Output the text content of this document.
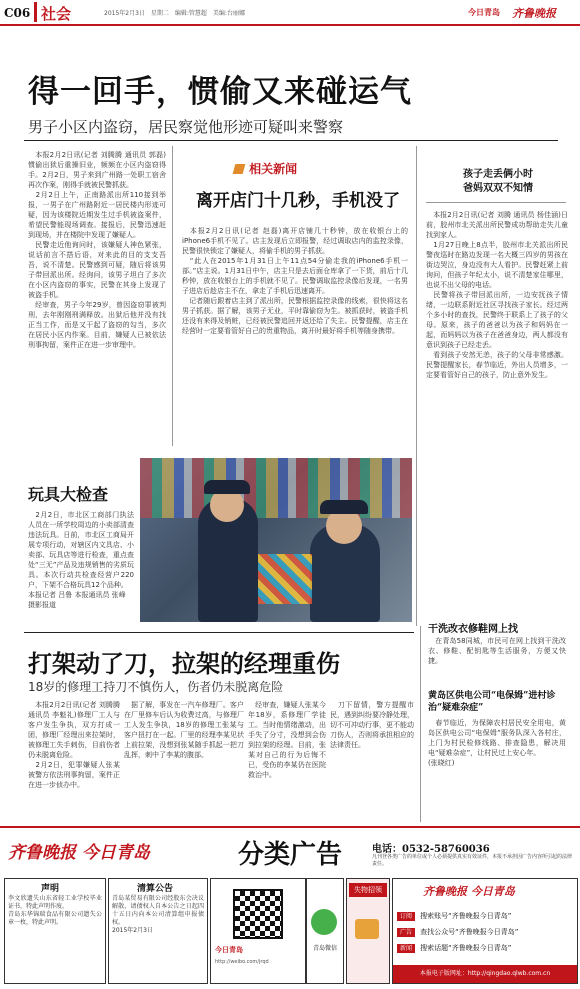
C06 社会	2015年2月3日　星期二　编辑:管慧超　美编:台丽娜	今日青岛 齐鲁晚报
得一回手，惯偷又来碰运气
男子小区内盗窃，居民察觉他形迹可疑叫来警察
　本报2月2日讯(记者 刘腾腾 通讯员 郭磊)惯偷出狱后重操旧业，频频在小区内盗窃得手。2月2日，男子来到广州路一处职工宿舍再次作案，刚得手就被民警抓获。
　2月2日上午，正南路派出所110接到举报，一男子在广州路附近一居民楼内形迹可疑，因为该楼院近期发生过手机被盗案件，希望民警能现场调查。接报后，民警迅速赶到现场，并在楼院中发现了嫌疑人。
　民警走近他询问时，该嫌疑人神色紧张，说话前言不搭后语，对来此的目的支支吾吾，说不清楚。民警感到可疑，随后将该男子带回派出所。经询问，该男子坦白了多次在小区内盗窃的事实，民警在其身上发现了被盗手机。
　经审查，男子今年29岁，曾因盗窃罪被判刑，去年刚刚刑满释放。出狱后他并没有找正当工作，而是又干起了盗窃的勾当，多次在居民小区内作案。目前，嫌疑人已被依法刑事拘留，案件正在进一步审理中。
相关新闻
离开店门十几秒，手机没了
　本报2月2日讯(记者 赵磊)离开店铺几十秒钟，放在收银台上的iPhone6手机不见了。店主发现后立即报警，经过调取店内的监控录像，民警很快锁定了嫌疑人，将偷手机的男子抓获。
　“此人在2015年1月31日上午11点54分偷走我的iPhone6手机一部。”店主说。1月31日中午，店主只是去后面仓库拿了一下货，前后十几秒钟，放在收银台上的手机就不见了。民警调取监控录像后发现，一名男子进店后趁店主不在，拿走了手机后迅速离开。
　记者随后跟着店主到了派出所，民警根据监控录像的线索，很快将这名男子抓获。据了解，该男子无业，平时靠偷窃为生。被抓获时，被盗手机还没有来得及销赃，已经被民警追回并返还给了失主。民警提醒，店主在经营时一定要看管好自己的贵重物品，离开时最好将手机等随身携带。
孩子走丢俩小时
爸妈双双不知情
　本报2月2日讯(记者 刘腾 通讯员 杨佳涵)日前，胶州市北关派出所民警成功帮助走失儿童找到家人。
　1月27日晚上8点半，胶州市北关派出所民警夜巡时在路边发现一名大概三四岁的男孩在街边哭泣，身边没有大人看护。民警赶紧上前询问，但孩子年纪太小，说不清楚家住哪里，也说不出父母的电话。
　民警将孩子带回派出所，一边安抚孩子情绪，一边联系附近社区寻找孩子家长。经过两个多小时的查找，民警终于联系上了孩子的父母。原来，孩子的爸爸以为孩子和妈妈在一起，而妈妈以为孩子在爸爸身边，两人都没有意识到孩子已经走丢。
　看到孩子安然无恙，孩子的父母非常感激。民警提醒家长，春节临近，外出人员增多，一定要看管好自己的孩子，防止意外发生。
玩具大检查
　2月2日，市北区工商部门执法人员在一所学校周边的小卖部清查违法玩具。日前，市北区工商局开展专项行动，对辖区内文具店、小卖部、玩具店等进行检查，重点查处“三无”产品及违规销售的劣质玩具。本次行动共检查经营户220户，下架不合格玩具12个品种。
本报记者 吕鲁 本报通讯员 张峰
摄影报道
打架动了刀，拉架的经理重伤
18岁的修理工持刀不慎伤人，伤者仍未脱离危险
　本报2月2日讯(记者 刘腾腾 通讯员 李魁礼)修理厂工人与客户发生争执，双方打成一团，修理厂经理出来拉架时，被修理工失手刺伤，目前伤者仍未脱离危险。
　2月2日，犯罪嫌疑人张某被警方依法刑事拘留，案件正在进一步侦办中。
　据了解，事发在一汽车修理厂。客户在厂里修车后认为收费过高，与修理厂工人发生争执，18岁的修理工张某与客户扭打在一起。厂里的经理李某见状上前拉架，没想到张某随手抓起一把刀乱挥，刺中了李某的腹部。
　经审查，嫌疑人张某今年18岁，系修理厂学徒工。当时他情绪激动，出手失了分寸，没想到会伤到拉架的经理。目前，张某对自己的行为后悔不已，受伤的李某仍在医院救治中。
　刀下留情，警方提醒市民，遇到纠纷要冷静处理，切不可冲动行事，更不能动刀伤人，否则将承担相应的法律责任。
干洗改衣修鞋网上找
　在青岛58同城，市民可在网上找到干洗改衣、修鞋、配钥匙等生活服务，方便又快捷。
黄岛区供电公司“电保姆”进村诊治“疑难杂症”
　春节临近，为保障农村居民安全用电，黄岛区供电公司“电保姆”服务队深入各村庄，上门为村民检修线路、排查隐患，解决用电“疑难杂症”，让村民过上安心年。
(张晓红)
齐鲁晚报 今日青岛	分类广告	电话：0532-58760036
凡刊登各类广告的单位或个人必须提供真实有效证件，本报不承担因广告内容所引起的法律责任。
声明
李文欣遗失山东省轻工业学校毕业证书，特此声明作废。
青岛东华锦瑞食品有限公司遗失公章一枚，特此声明。
清算公告
青岛某贸易有限公司经股东会决议解散，请债权人自本公告之日起四十五日内向本公司清算组申报债权。
2015年2月3日
今日青岛
http://weibo.com/jrqd
青岛微信
失物招领	齐鲁晚报 今日青岛
订阅 搜索账号“齐鲁晚报今日青岛”
广告 查找公众号“齐鲁晚报今日青岛”
新闻 搜索话题“齐鲁晚报今日青岛”
本报电子版网址：http://qingdao.qlwb.com.cn
